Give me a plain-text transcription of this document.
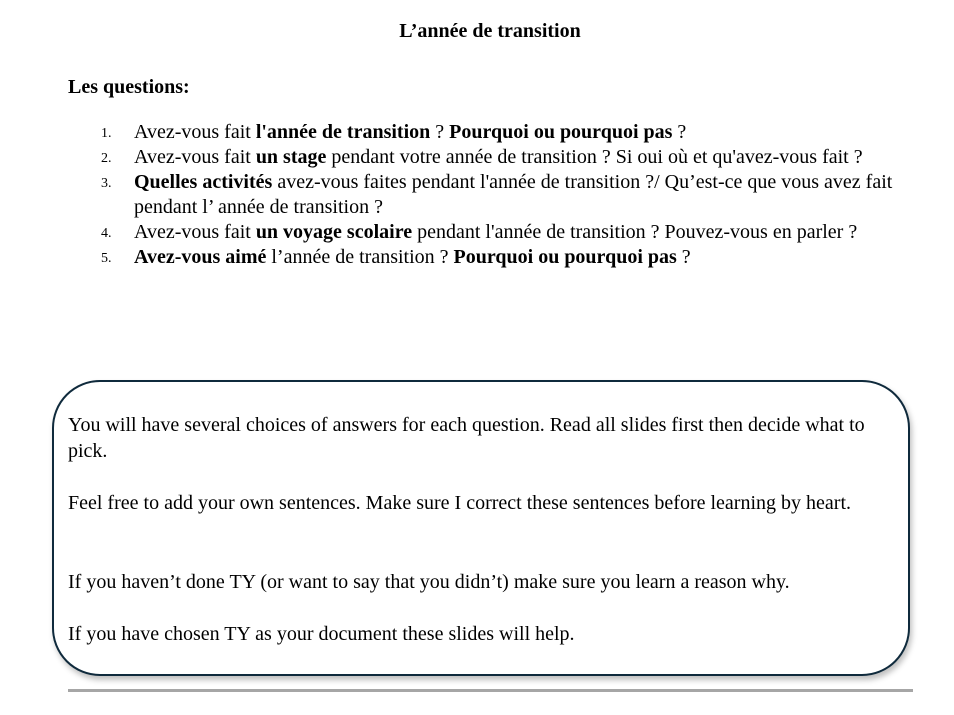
L’année de transition
Les questions:
1. Avez-vous fait l'année de transition ? Pourquoi ou pourquoi pas ?
2. Avez-vous fait un stage pendant votre année de transition ? Si oui où et qu'avez-vous fait ?
3. Quelles activités avez-vous faites pendant l'année de transition ?/ Qu’est-ce que vous avez fait pendant l’ année de transition ?
4. Avez-vous fait un voyage scolaire pendant l'année de transition ? Pouvez-vous en parler ?
5. Avez-vous aimé l’année de transition ? Pourquoi ou pourquoi pas ?

You will have several choices of answers for each question. Read all slides first then decide what to pick.

Feel free to add your own sentences. Make sure I correct these sentences before learning by heart.

If you haven’t done TY (or want to say that you didn’t) make sure you learn a reason why.

If you have chosen TY as your document these slides will help.
